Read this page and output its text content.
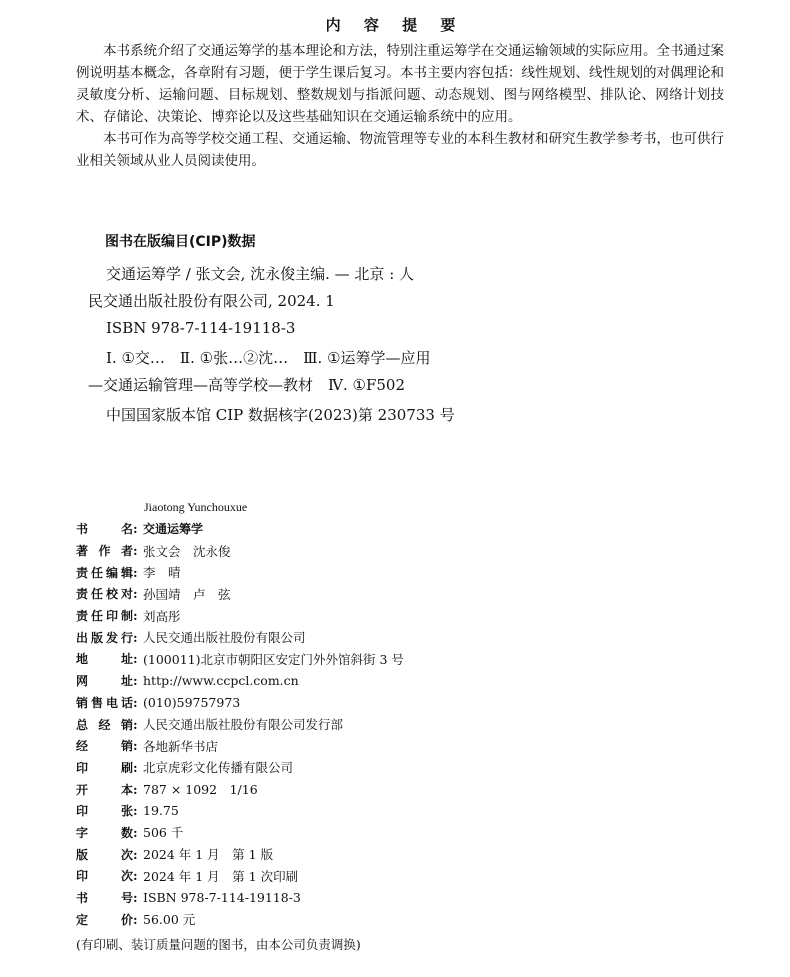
内 容 提 要

本书系统介绍了交通运筹学的基本理论和方法，特别注重运筹学在交通运输领域的实际应用。全书通过案例说明基本概念，各章附有习题，便于学生课后复习。本书主要内容包括：线性规划、线性规划的对偶理论和灵敏度分析、运输问题、目标规划、整数规划与指派问题、动态规划、图与网络模型、排队论、网络计划技术、存储论、决策论、博弈论以及这些基础知识在交通运输系统中的应用。

本书可作为高等学校交通工程、交通运输、物流管理等专业的本科生教材和研究生教学参考书，也可供行业相关领域从业人员阅读使用。

图书在版编目(CIP)数据
交通运筹学 / 张文会, 沈永俊主编. — 北京 : 人
民交通出版社股份有限公司, 2024. 1
ISBN 978-7-114-19118-3
Ⅰ. ①交…　Ⅱ. ①张…②沈…　Ⅲ. ①运筹学—应用
—交通运输管理—高等学校—教材　Ⅳ. ①F502
中国国家版本馆 CIP 数据核字(2023)第 230733 号
Jiaotong Yunchouxue
书名 : 交通运筹学
著作者 : 张文会　沈永俊
责任编辑 : 李　晴
责任校对 : 孙国靖　卢　弦
责任印制 : 刘高彤
出版发行 : 人民交通出版社股份有限公司
地址 : (100011)北京市朝阳区安定门外外馆斜街 3 号
网址 : http://www.ccpcl.com.cn
销售电话 : (010)59757973
总经销 : 人民交通出版社股份有限公司发行部
经销 : 各地新华书店
印刷 : 北京虎彩文化传播有限公司
开本 : 787 × 1092　1/16
印张 : 19.75
字数 : 506 千
版次 : 2024 年 1 月　第 1 版
印次 : 2024 年 1 月　第 1 次印刷
书号 : ISBN 978-7-114-19118-3
定价 : 56.00 元
(有印刷、装订质量问题的图书，由本公司负责调换)
